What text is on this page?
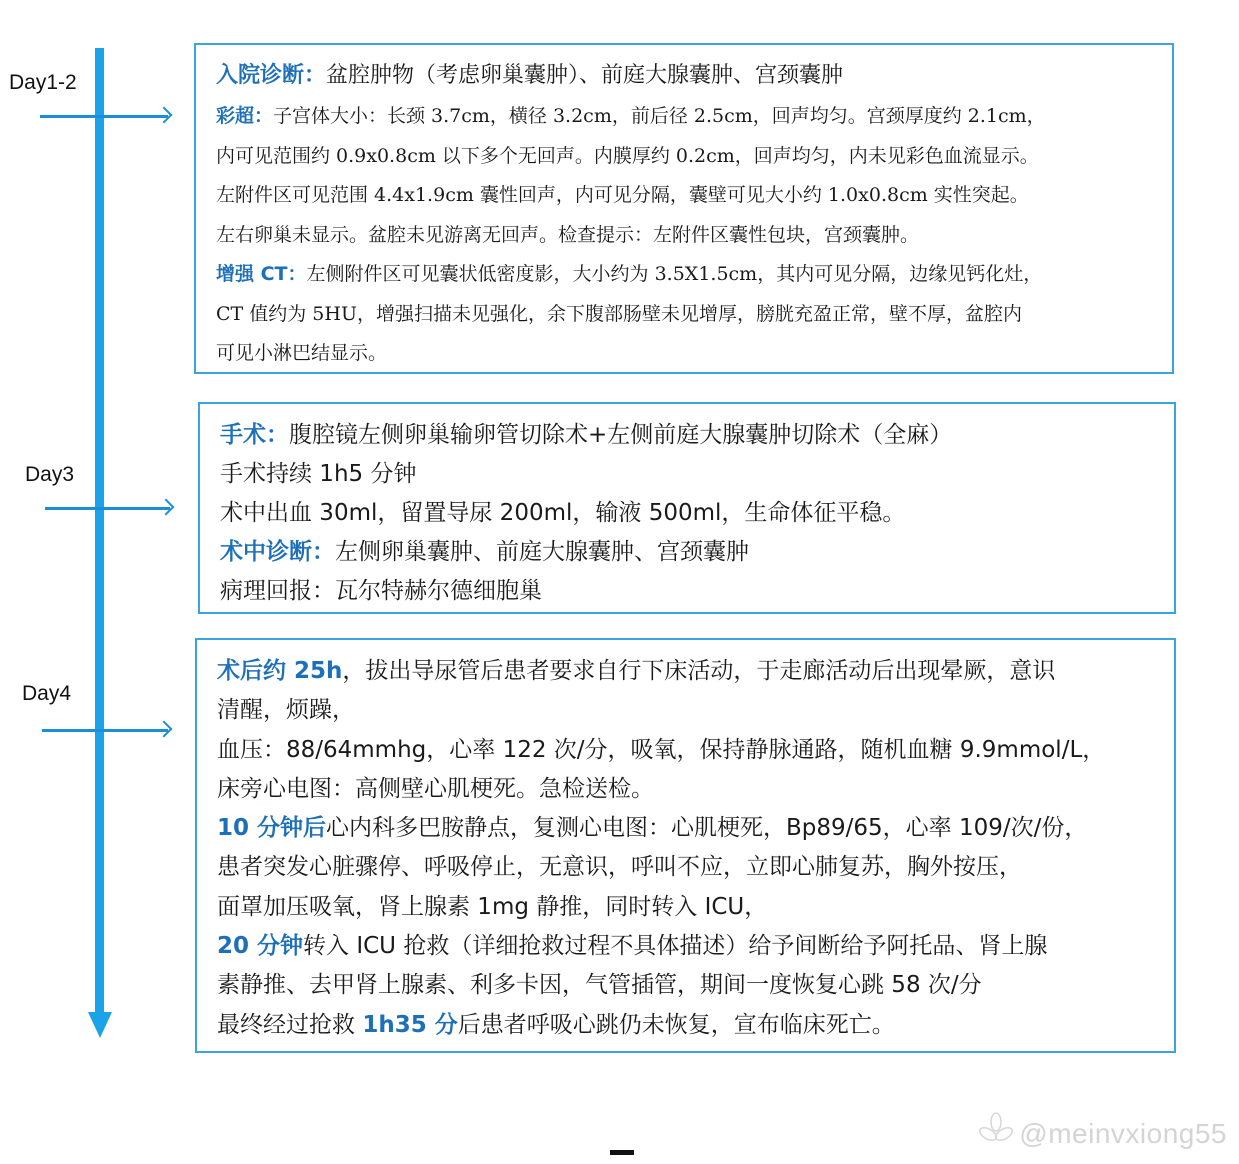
Day1-2
Day3
Day4
入院诊断：盆腔肿物（考虑卵巢囊肿）、前庭大腺囊肿、宫颈囊肿
彩超：子宫体大小：长颈 3.7cm，横径 3.2cm，前后径 2.5cm，回声均匀。宫颈厚度约 2.1cm，
内可见范围约 0.9x0.8cm 以下多个无回声。内膜厚约 0.2cm，回声均匀，内未见彩色血流显示。
左附件区可见范围 4.4x1.9cm 囊性回声，内可见分隔，囊壁可见大小约 1.0x0.8cm 实性突起。
左右卵巢未显示。盆腔未见游离无回声。检查提示：左附件区囊性包块，宫颈囊肿。
增强 CT：左侧附件区可见囊状低密度影，大小约为 3.5X1.5cm，其内可见分隔，边缘见钙化灶，
CT 值约为 5HU，增强扫描未见强化，余下腹部肠壁未见增厚，膀胱充盈正常，壁不厚，盆腔内
可见小淋巴结显示。
手术：腹腔镜左侧卵巢输卵管切除术+左侧前庭大腺囊肿切除术（全麻）
手术持续 1h5 分钟
术中出血 30ml，留置导尿 200ml，输液 500ml，生命体征平稳。
术中诊断：左侧卵巢囊肿、前庭大腺囊肿、宫颈囊肿
病理回报：瓦尔特赫尔德细胞巢
术后约 25h，拔出导尿管后患者要求自行下床活动，于走廊活动后出现晕厥，意识
清醒，烦躁，
血压：88/64mmhg，心率 122 次/分，吸氧，保持静脉通路，随机血糖 9.9mmol/L，
床旁心电图：高侧壁心肌梗死。急检送检。
10 分钟后心内科多巴胺静点，复测心电图：心肌梗死，Bp89/65，心率 109/次/份，
患者突发心脏骤停、呼吸停止，无意识，呼叫不应，立即心肺复苏，胸外按压，
面罩加压吸氧，肾上腺素 1mg 静推，同时转入 ICU，
20 分钟转入 ICU 抢救（详细抢救过程不具体描述）给予间断给予阿托品、肾上腺
素静推、去甲肾上腺素、利多卡因，气管插管，期间一度恢复心跳 58 次/分
最终经过抢救 1h35 分后患者呼吸心跳仍未恢复，宣布临床死亡。
@meinvxiong55
